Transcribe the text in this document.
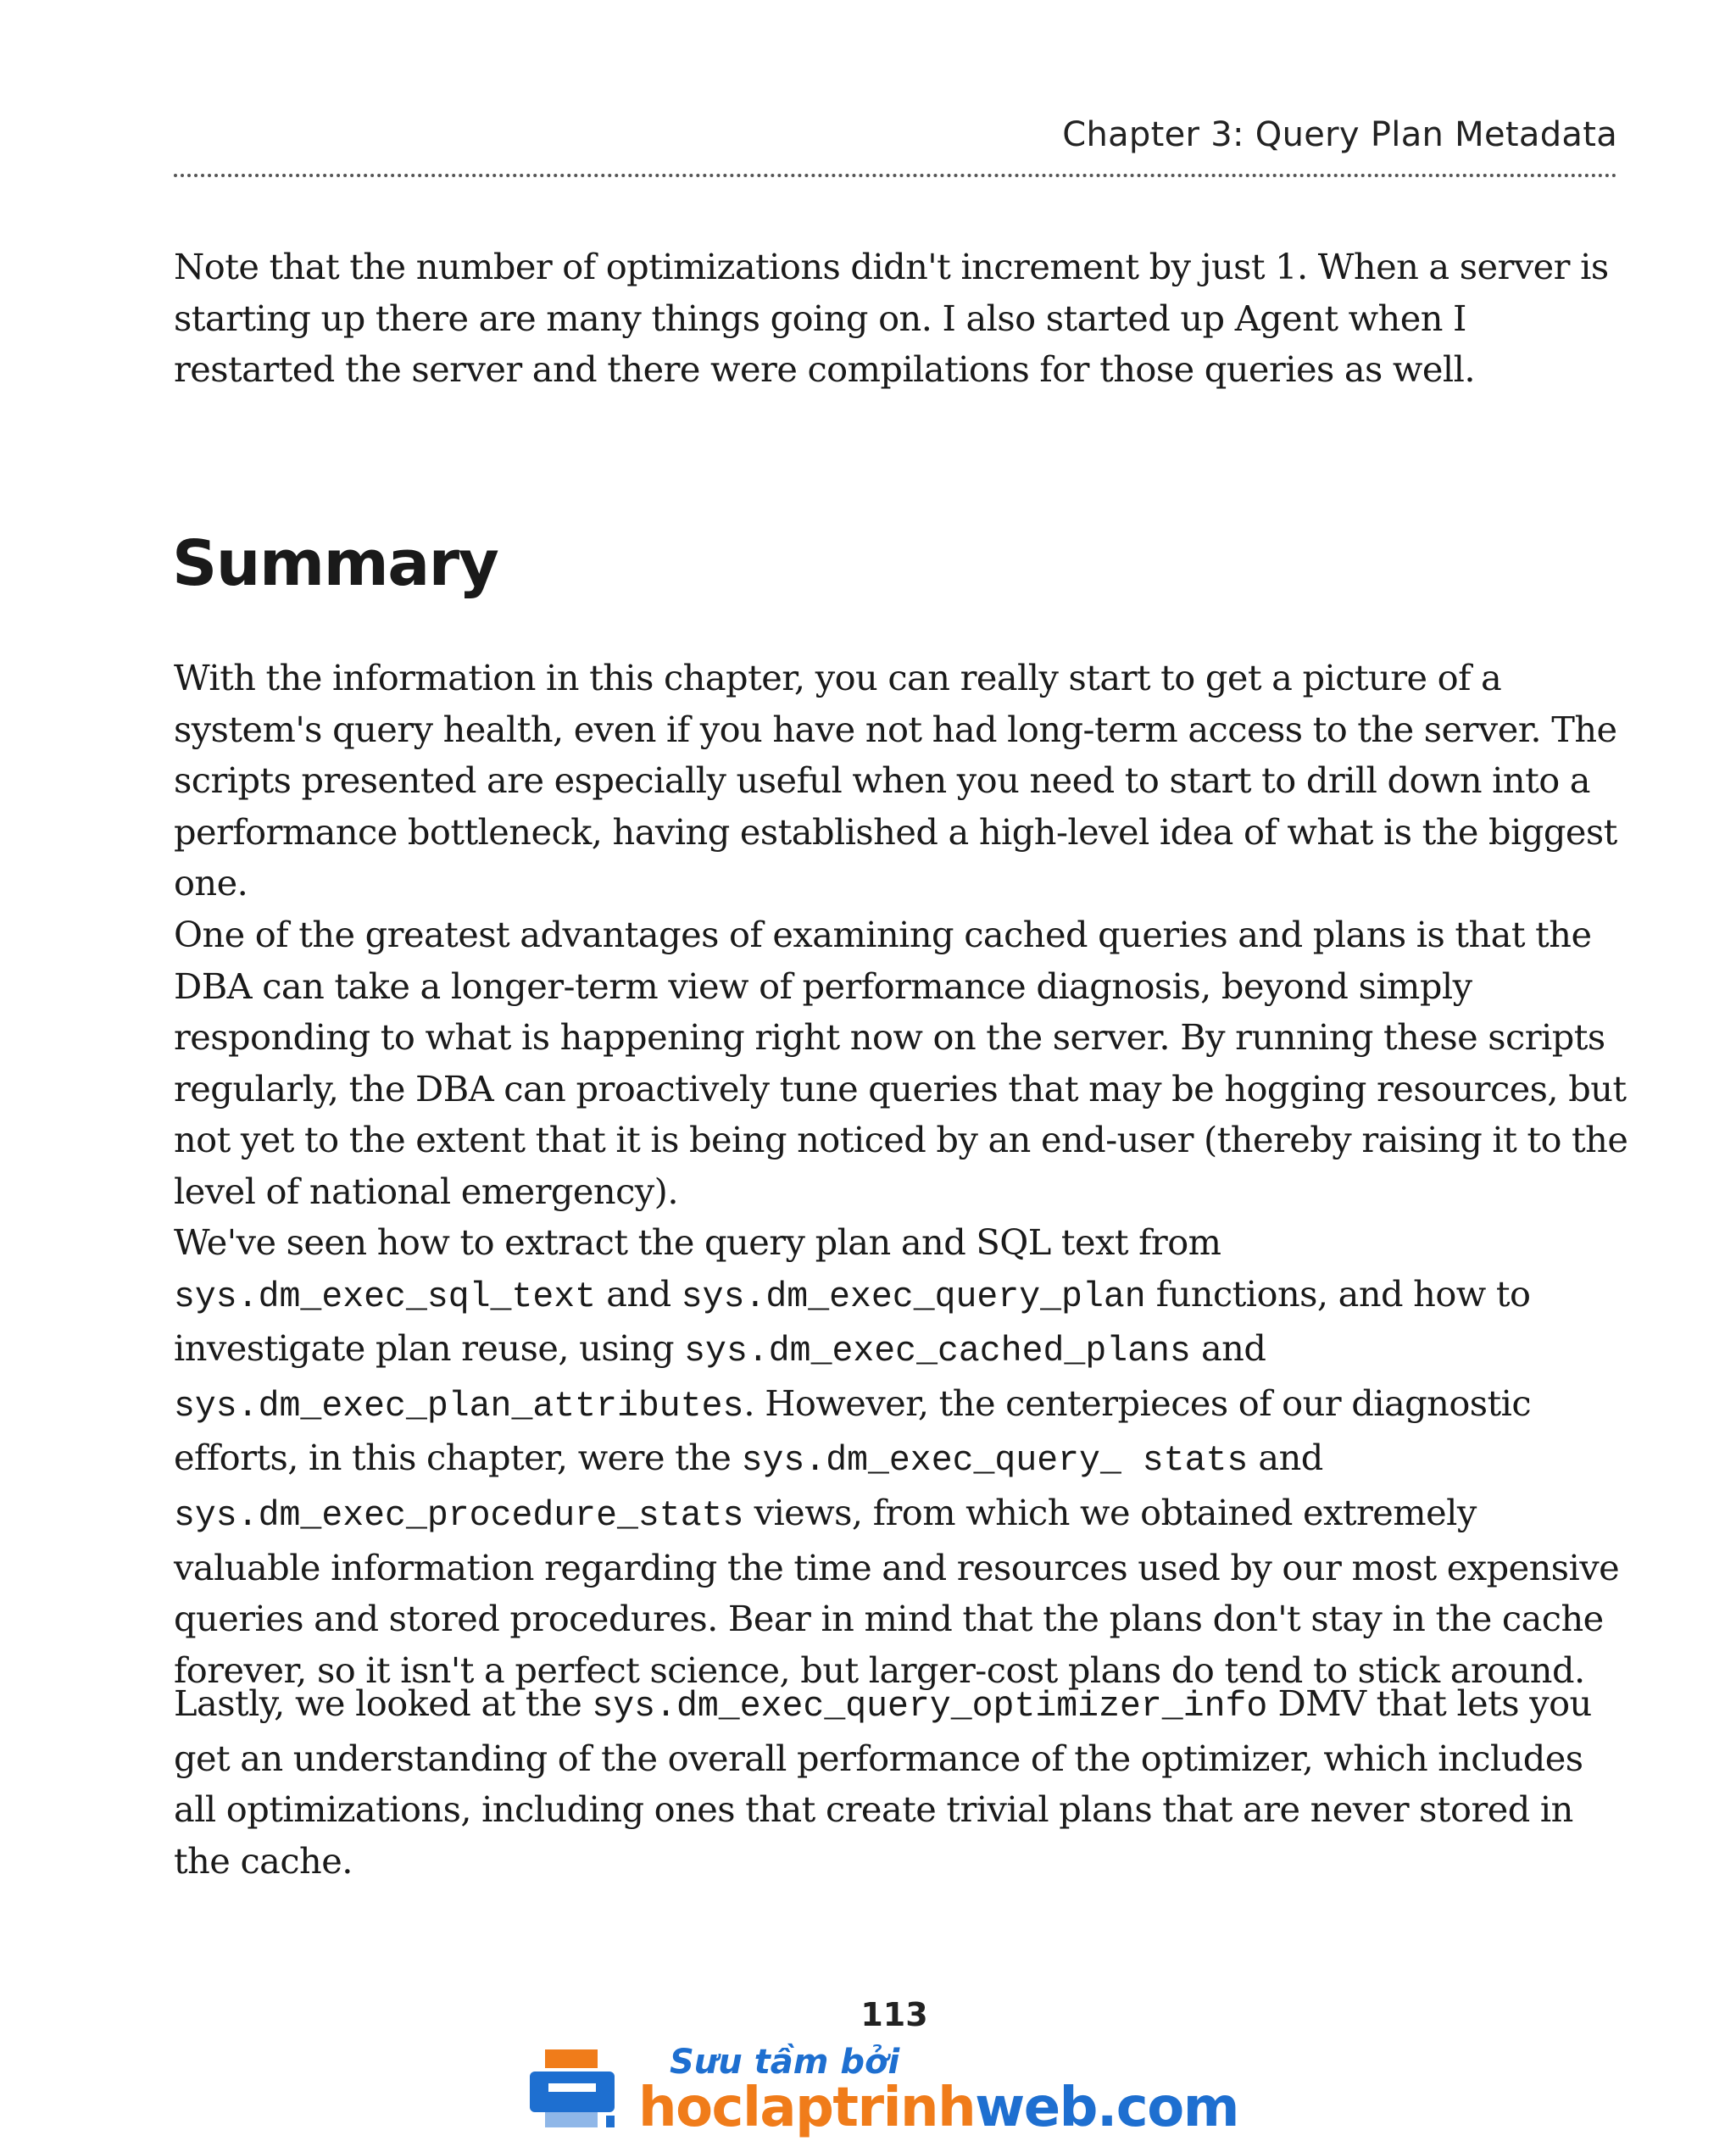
Chapter 3: Query Plan Metadata

Note that the number of optimizations didn't increment by just 1. When a server is starting up there are many things going on. I also started up Agent when I restarted the server and there were compilations for those queries as well.

Summary

With the information in this chapter, you can really start to get a picture of a system's query health, even if you have not had long-term access to the server. The scripts presented are especially useful when you need to start to drill down into a performance bottleneck, having established a high-level idea of what is the biggest one.

One of the greatest advantages of examining cached queries and plans is that the DBA can take a longer-term view of performance diagnosis, beyond simply responding to what is happening right now on the server. By running these scripts regularly, the DBA can proactively tune queries that may be hogging resources, but not yet to the extent that it is being noticed by an end-user (thereby raising it to the level of national emergency).

We've seen how to extract the query plan and SQL text from sys.dm_exec_sql_text and sys.dm_exec_query_plan functions, and how to investigate plan reuse, using sys.dm_exec_cached_plans and sys.dm_exec_plan_attributes. However, the centerpieces of our diagnostic efforts, in this chapter, were the sys.dm_exec_query_ stats and sys.dm_exec_procedure_stats views, from which we obtained extremely valuable information regarding the time and resources used by our most expensive queries and stored procedures. Bear in mind that the plans don't stay in the cache forever, so it isn't a perfect science, but larger-cost plans do tend to stick around.

Lastly, we looked at the sys.dm_exec_query_optimizer_info DMV that lets you get an understanding of the overall performance of the optimizer, which includes all optimizations, including ones that create trivial plans that are never stored in the cache.

113
Sưu tầm bởi
hoclaptrinhweb.com
